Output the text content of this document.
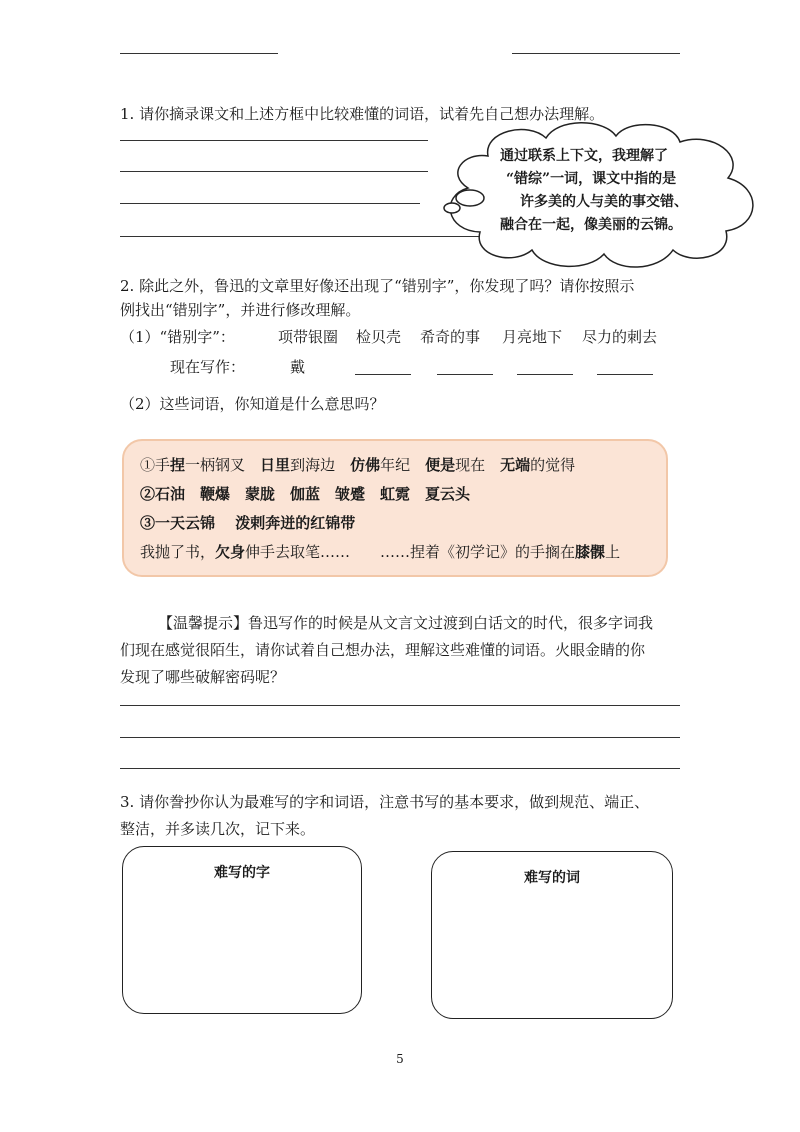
1. 请你摘录课文和上述方框中比较难懂的词语，试着先自己想办法理解。
通过联系上下文，我理解了
“错综”一词，课文中指的是
许多美的人与美的事交错、
融合在一起，像美丽的云锦。
2. 除此之外，鲁迅的文章里好像还出现了“错别字”，你发现了吗？请你按照示
例找出“错别字”，并进行修改理解。
（1）“错别字”：	项带银圈 检贝壳 希奇的事 月亮地下 尽力的刺去
现在写作：	戴
（2）这些词语，你知道是什么意思吗？
①手捏一柄钢叉　日里到海边　仿佛年纪　便是现在　无端的觉得
②石油　鞭爆　蒙胧　伽蓝　皱蹙　虹霓　夏云头
③一天云锦　 泼剌奔迸的红锦带
我抛了书，欠身伸手去取笔……　　……捏着《初学记》的手搁在膝髁上
【温馨提示】鲁迅写作的时候是从文言文过渡到白话文的时代，很多字词我
们现在感觉很陌生，请你试着自己想办法，理解这些难懂的词语。火眼金睛的你
发现了哪些破解密码呢？
3. 请你誊抄你认为最难写的字和词语，注意书写的基本要求，做到规范、端正、
整洁，并多读几次，记下来。
难写的字	难写的词
5
